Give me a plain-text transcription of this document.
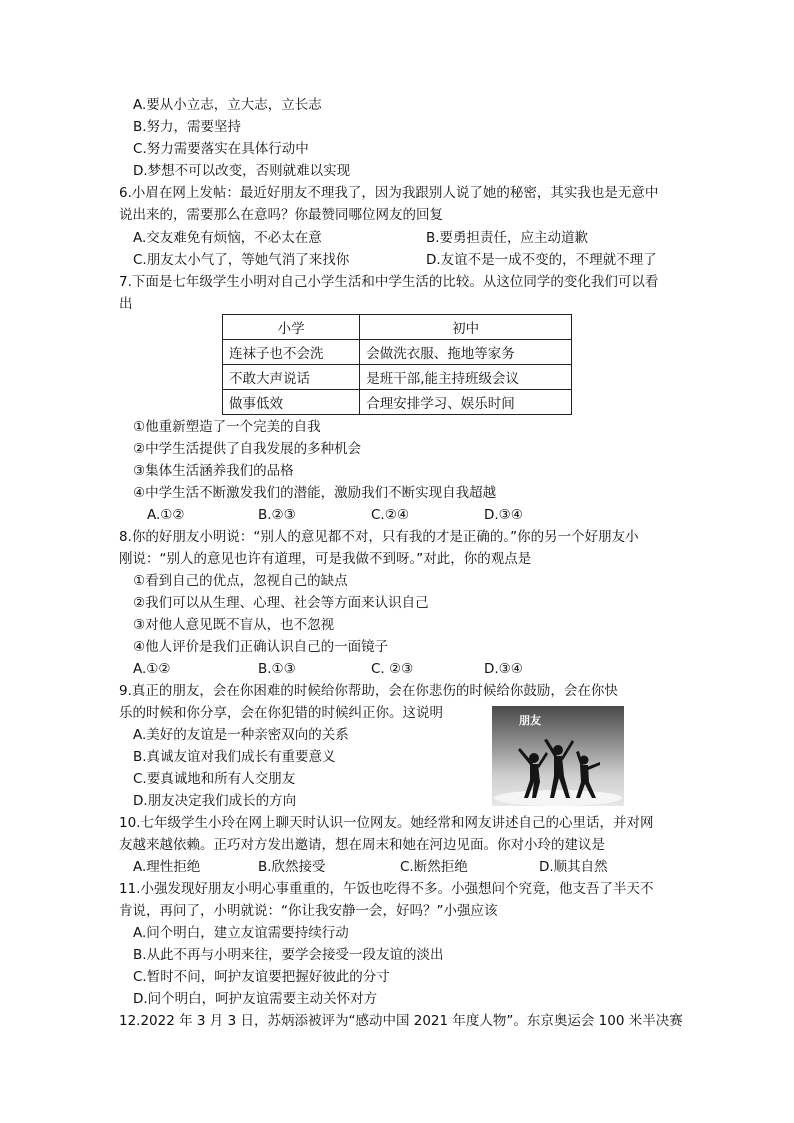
A.要从小立志，立大志，立长志
B.努力，需要坚持
C.努力需要落实在具体行动中
D.梦想不可以改变，否则就难以实现
6.小眉在网上发帖：最近好朋友不理我了，因为我跟别人说了她的秘密，其实我也是无意中
说出来的，需要那么在意吗？你最赞同哪位网友的回复
A.交友难免有烦恼，不必太在意	B.要勇担责任，应主动道歉
C.朋友太小气了，等她气消了来找你	D.友谊不是一成不变的，不理就不理了
7.下面是七年级学生小明对自己小学生活和中学生活的比较。从这位同学的变化我们可以看
出
小学	初中
连袜子也不会洗	会做洗衣服、拖地等家务
不敢大声说话	是班干部,能主持班级会议
做事低效	合理安排学习、娱乐时间
①他重新塑造了一个完美的自我
②中学生活提供了自我发展的多种机会
③集体生活涵养我们的品格
④中学生活不断激发我们的潜能，激励我们不断实现自我超越
A.①②	B.②③	C.②④	D.③④
8.你的好朋友小明说：“别人的意见都不对，只有我的才是正确的。”你的另一个好朋友小
刚说：“别人的意见也许有道理，可是我做不到呀。”对此，你的观点是
①看到自己的优点，忽视自己的缺点
②我们可以从生理、心理、社会等方面来认识自己
③对他人意见既不盲从，也不忽视
④他人评价是我们正确认识自己的一面镜子
A.①②	B.①③	C. ②③	D.③④
9.真正的朋友，会在你困难的时候给你帮助，会在你悲伤的时候给你鼓励，会在你快
乐的时候和你分享，会在你犯错的时候纠正你。这说明
A.美好的友谊是一种亲密双向的关系
B.真诚友谊对我们成长有重要意义
C.要真诚地和所有人交朋友
D.朋友决定我们成长的方向
朋友
10.七年级学生小玲在网上聊天时认识一位网友。她经常和网友讲述自己的心里话，并对网
友越来越依赖。正巧对方发出邀请，想在周末和她在河边见面。你对小玲的建议是
A.理性拒绝	B.欣然接受	C.断然拒绝	D.顺其自然
11.小强发现好朋友小明心事重重的，午饭也吃得不多。小强想问个究竟，他支吾了半天不
肯说，再问了，小明就说：“你让我安静一会，好吗？”小强应该
A.问个明白，建立友谊需要持续行动
B.从此不再与小明来往，要学会接受一段友谊的淡出
C.暂时不问，呵护友谊要把握好彼此的分寸
D.问个明白，呵护友谊需要主动关怀对方
12.2022 年 3 月 3 日，苏炳添被评为“感动中国 2021 年度人物”。东京奥运会 100 米半决赛
